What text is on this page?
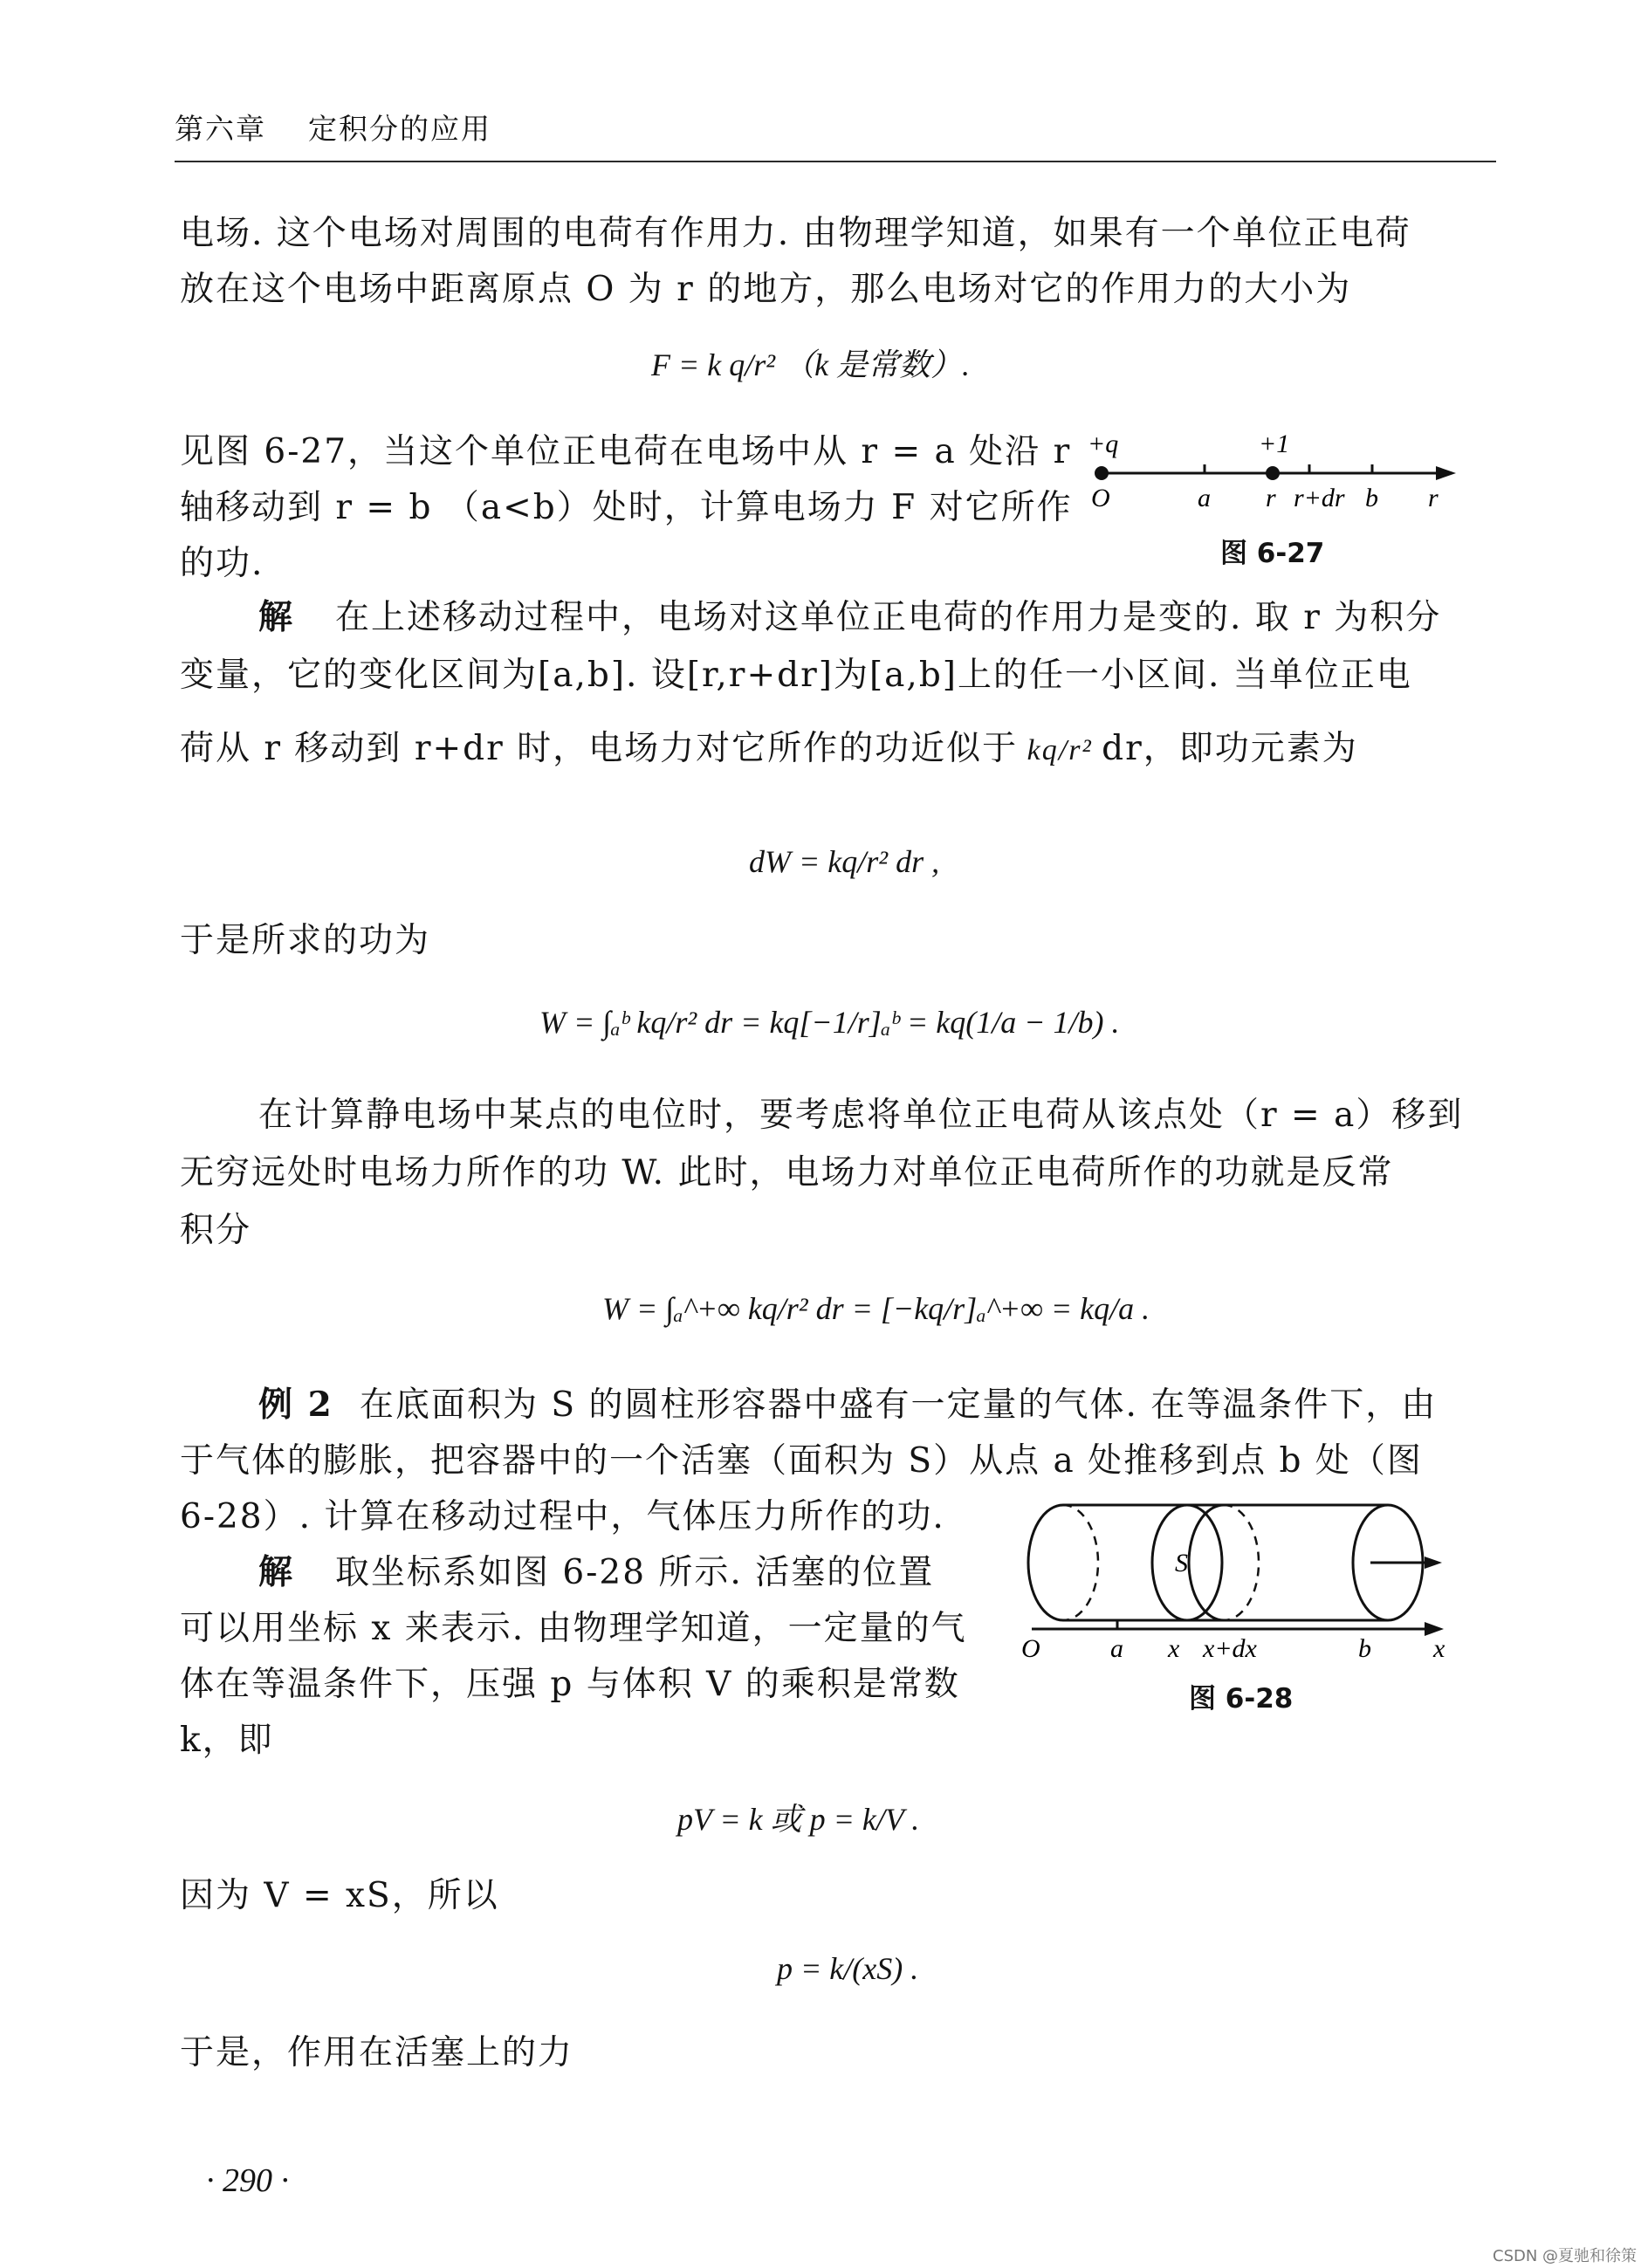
第六章 定积分的应用
电场. 这个电场对周围的电荷有作用力. 由物理学知道，如果有一个单位正电荷
放在这个电场中距离原点 O 为 r 的地方，那么电场对它的作用力的大小为
F = k q/r² （k 是常数）.
见图 6-27，当这个单位正电荷在电场中从 r = a 处沿 r
轴移动到 r = b （a<b）处时，计算电场力 F 对它所作
的功.
+q	+1
O	a r r+dr b r
图 6-27
解 在上述移动过程中，电场对这单位正电荷的作用力是变的. 取 r 为积分
变量，它的变化区间为[a,b]. 设[r,r+dr]为[a,b]上的任一小区间. 当单位正电
荷从 r 移动到 r+dr 时，电场力对它所作的功近似于 kq/r² dr，即功元素为
dW = kq/r² dr ,
于是所求的功为
W = ∫ₐᵇ kq/r² dr = kq[−1/r]ₐᵇ = kq(1/a − 1/b) .
在计算静电场中某点的电位时，要考虑将单位正电荷从该点处（r = a）移到
无穷远处时电场力所作的功 W. 此时，电场力对单位正电荷所作的功就是反常
积分
W = ∫ₐ^+∞ kq/r² dr = [−kq/r]ₐ^+∞ = kq/a .
例 2 在底面积为 S 的圆柱形容器中盛有一定量的气体. 在等温条件下，由
于气体的膨胀，把容器中的一个活塞（面积为 S）从点 a 处推移到点 b 处（图
6-28）. 计算在移动过程中，气体压力所作的功.
解 取坐标系如图 6-28 所示. 活塞的位置
可以用坐标 x 来表示. 由物理学知道，一定量的气
体在等温条件下，压强 p 与体积 V 的乘积是常数
k，即
S
O	a x x+dx	b x
图 6-28
pV = k 或 p = k/V .
因为 V = xS，所以
p = k/(xS) .
于是，作用在活塞上的力
· 290 ·
CSDN @夏驰和徐策
